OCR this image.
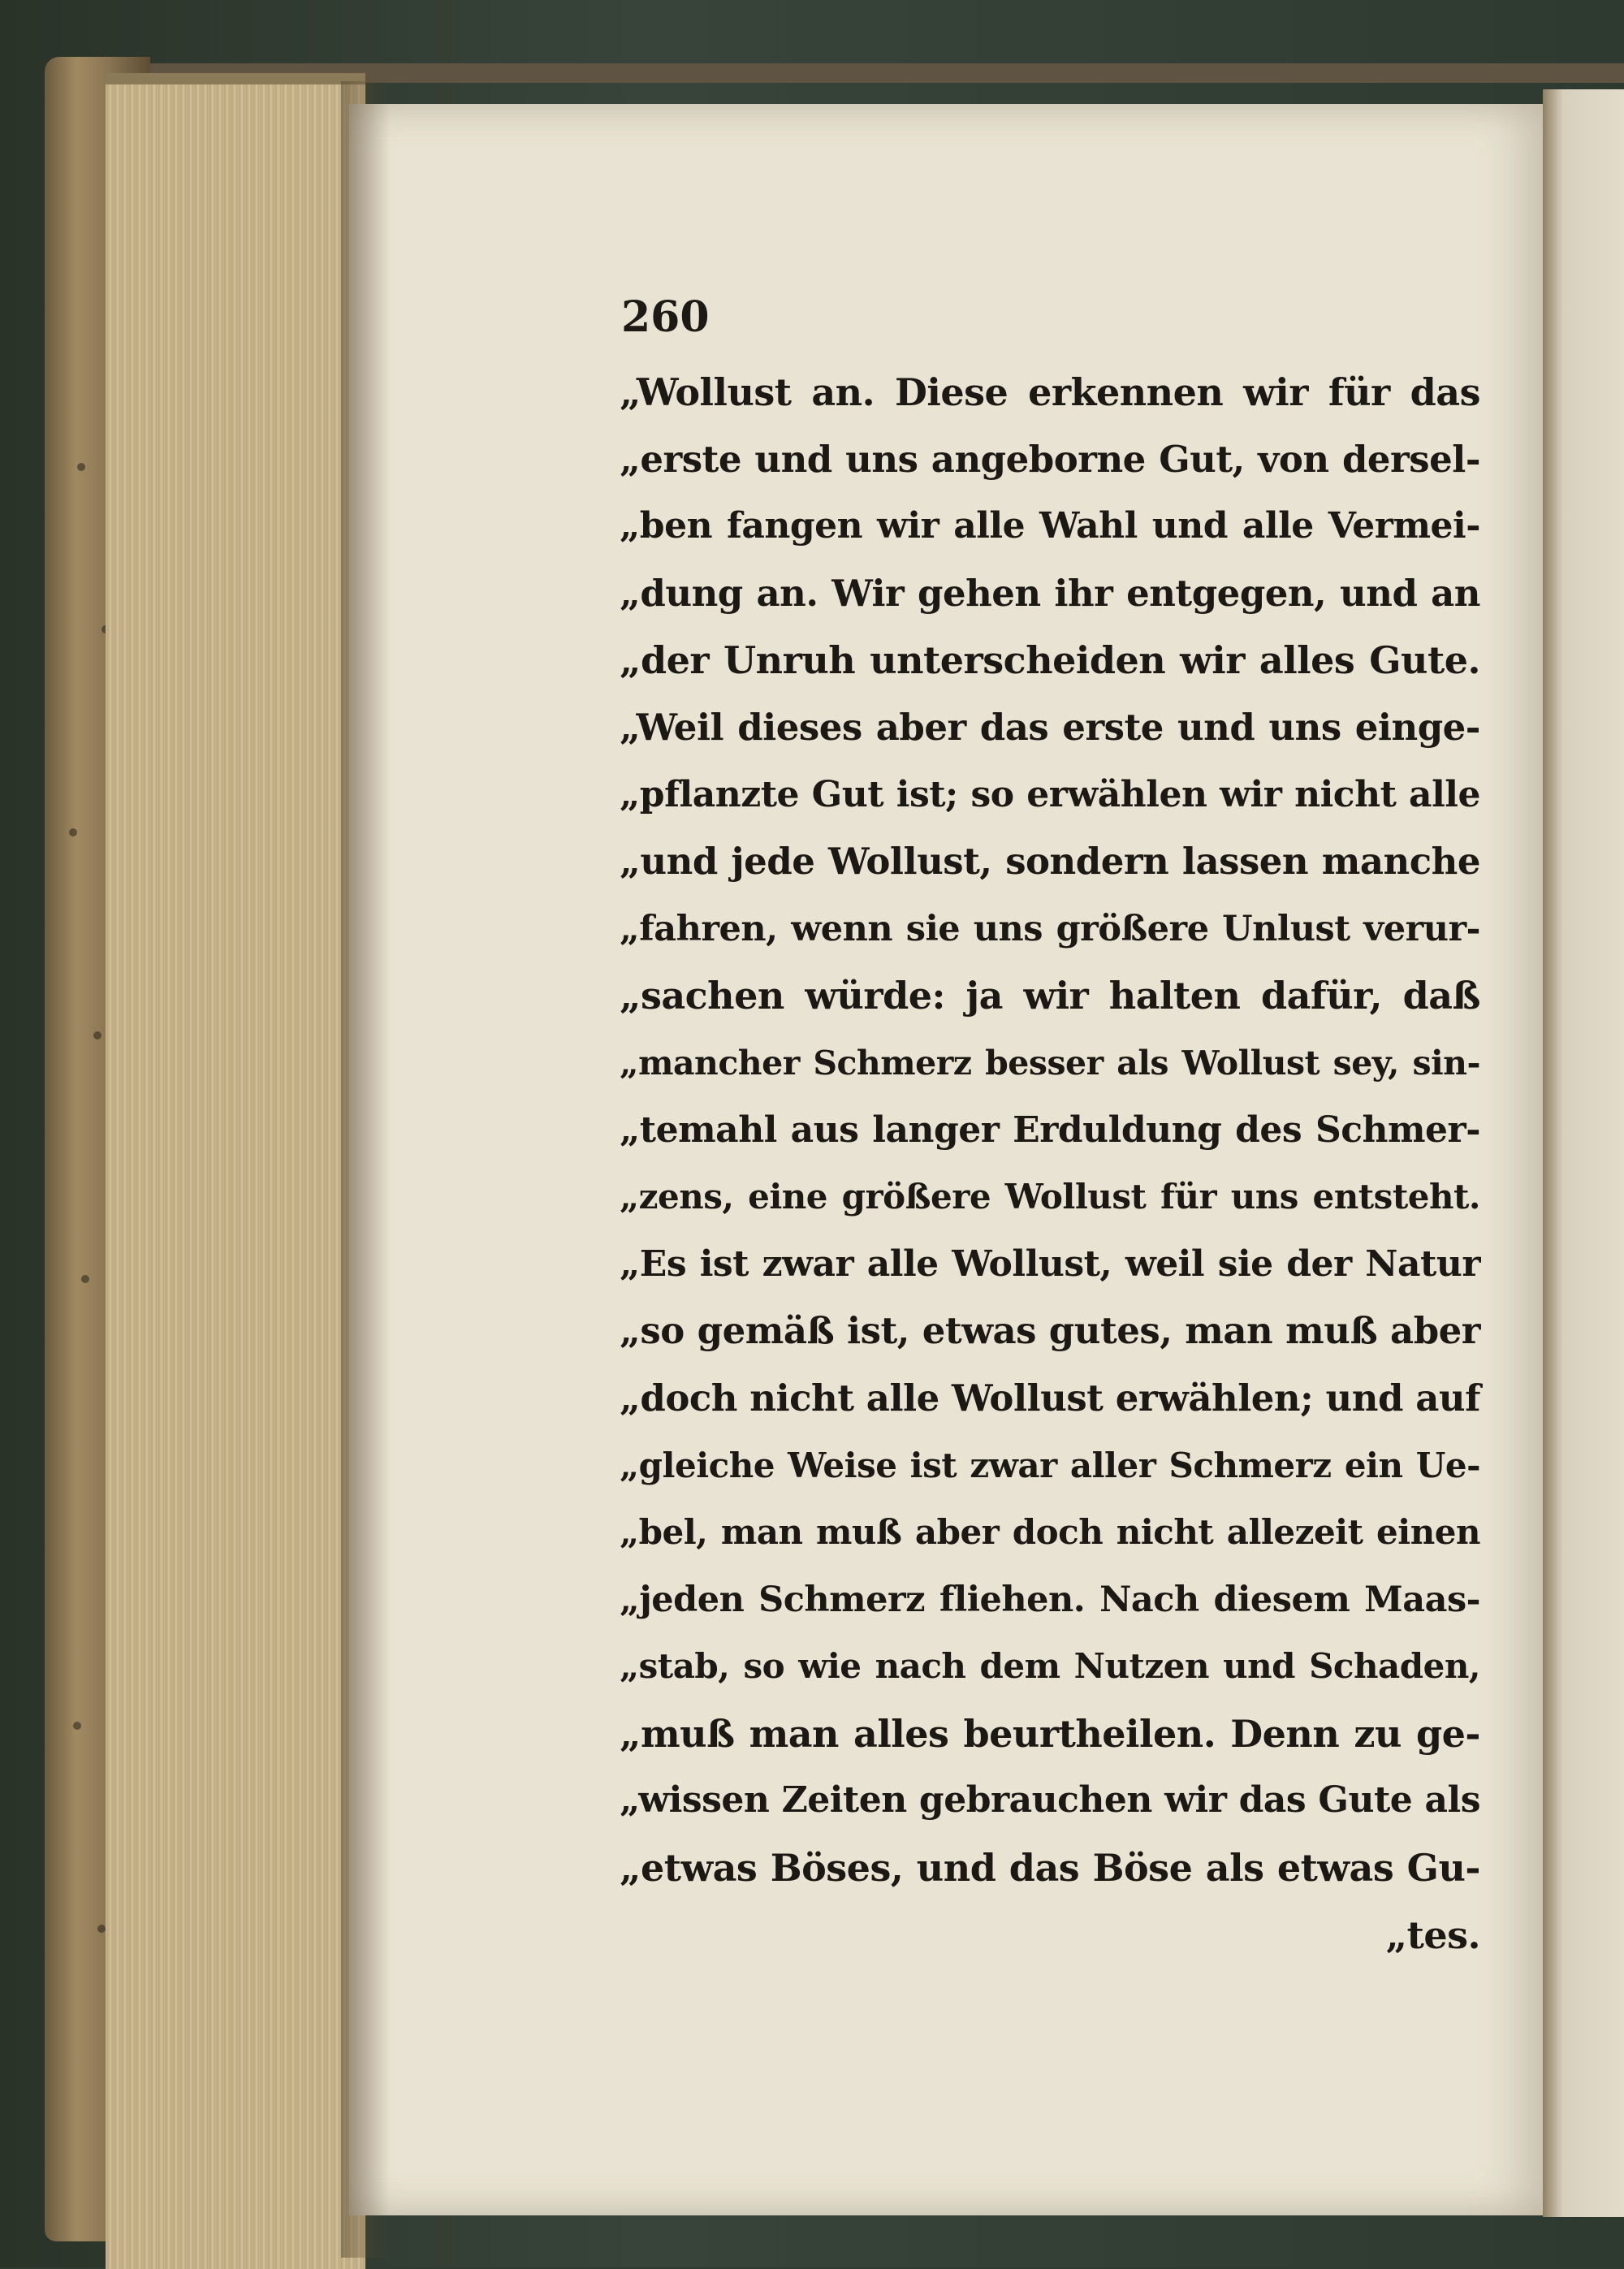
260
„Wollust an. Diese erkennen wir für das
„erste und uns angeborne Gut, von dersel-
„ben fangen wir alle Wahl und alle Vermei-
„dung an. Wir gehen ihr entgegen, und an
„der Unruh unterscheiden wir alles Gute.
„Weil dieses aber das erste und uns einge-
„pflanzte Gut ist; so erwählen wir nicht alle
„und jede Wollust, sondern lassen manche
„fahren, wenn sie uns größere Unlust verur-
„sachen würde: ja wir halten dafür, daß
„mancher Schmerz besser als Wollust sey, sin-
„temahl aus langer Erduldung des Schmer-
„zens, eine größere Wollust für uns entsteht.
„Es ist zwar alle Wollust, weil sie der Natur
„so gemäß ist, etwas gutes, man muß aber
„doch nicht alle Wollust erwählen; und auf
„gleiche Weise ist zwar aller Schmerz ein Ue-
„bel, man muß aber doch nicht allezeit einen
„jeden Schmerz fliehen. Nach diesem Maas-
„stab, so wie nach dem Nutzen und Schaden,
„muß man alles beurtheilen. Denn zu ge-
„wissen Zeiten gebrauchen wir das Gute als
„etwas Böses, und das Böse als etwas Gu-
„tes.
